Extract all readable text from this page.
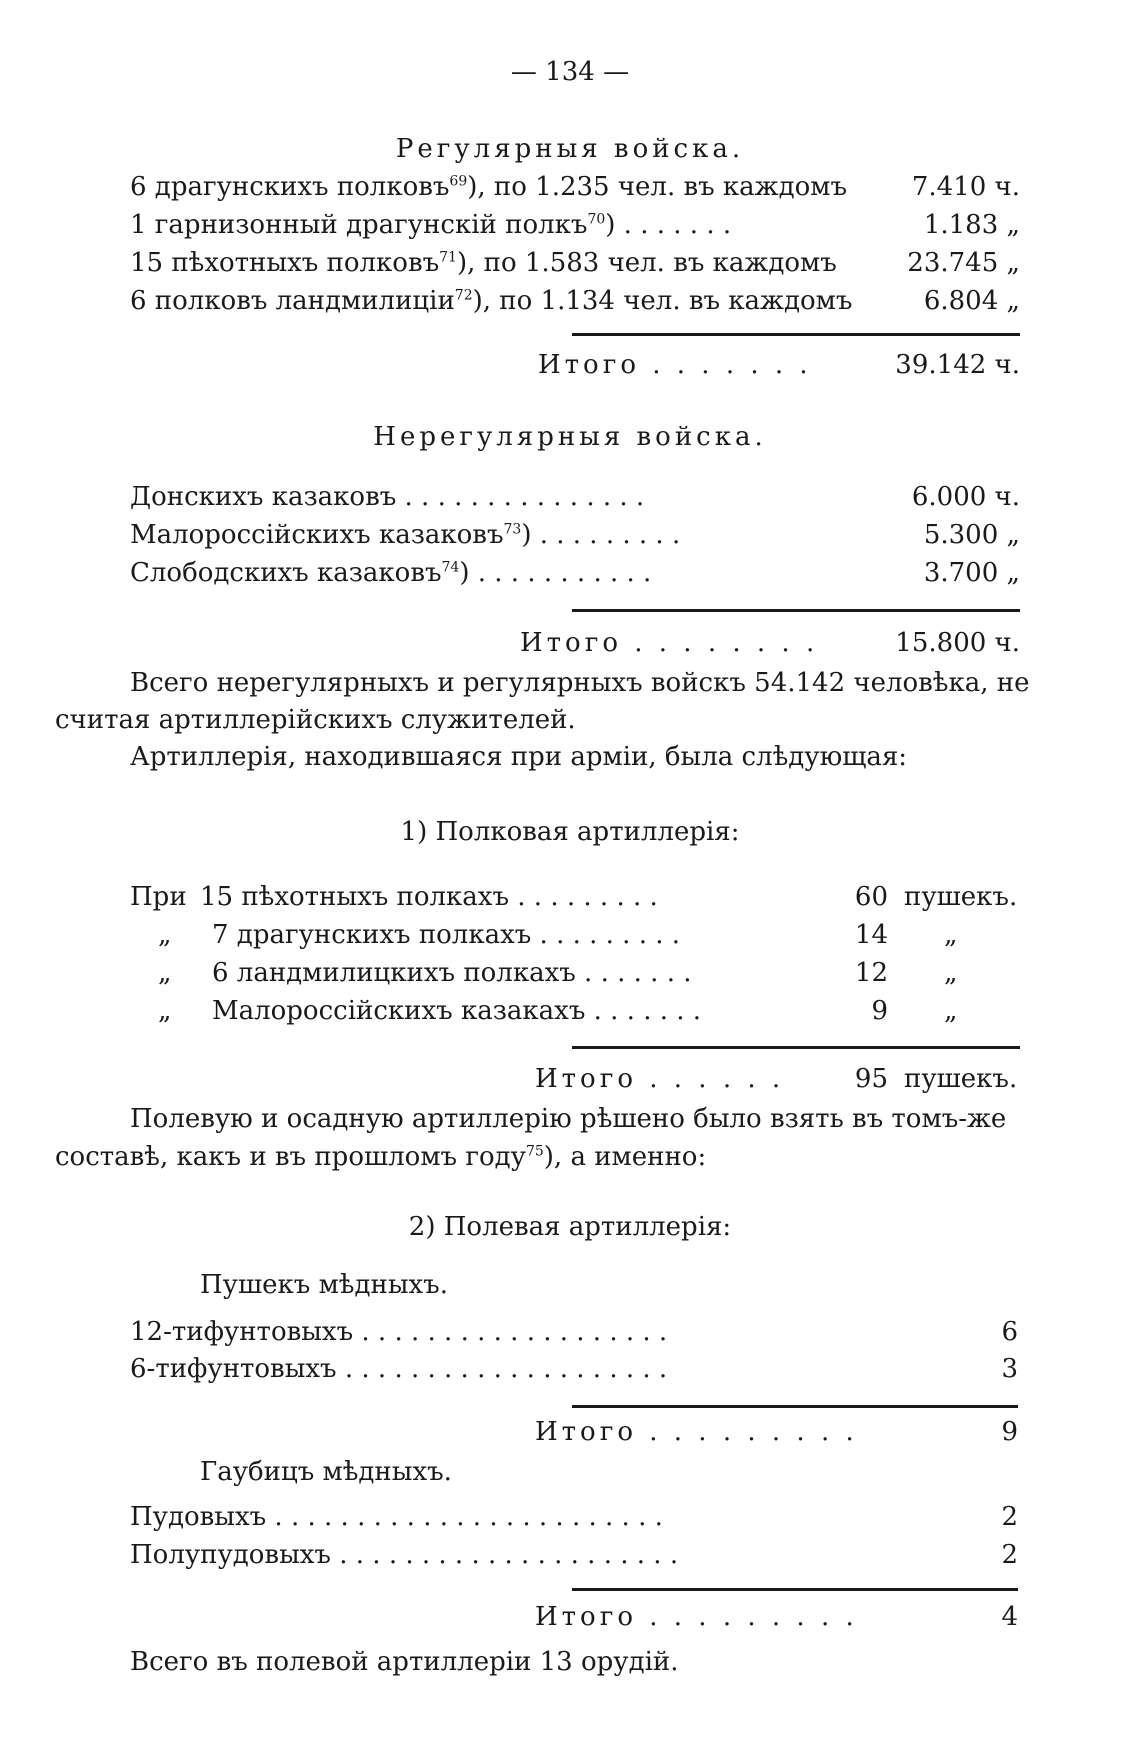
— 134 —
Регулярныя войска.
6 драгунскихъ полковъ$^{69}$), по 1.235 чел. въ каждомъ 7.410 ч.
1 гарнизонный драгунскій полкъ$^{70}$) . . . . . . .	1.183 „
15 пѣхотныхъ полковъ$^{71}$), по 1.583 чел. въ каждомъ	23.745 „
6 полковъ ландмилиціи$^{72}$), по 1.134 чел. въ каждомъ	6.804 „
Итого . . . . . . .	39.142 ч.
Нерегулярныя войска.
Донскихъ казаковъ . . . . . . . . . . . . . . .	6.000 ч.
Малороссійскихъ казаковъ$^{73}$) . . . . . . . . .	5.300 „
Слободскихъ казаковъ$^{74}$) . . . . . . . . . . .	3.700 „
Итого . . . . . . . .	15.800 ч.
Всего нерегулярныхъ и регулярныхъ войскъ 54.142 человѣка, не
считая артиллерійскихъ служителей.
Артиллерія, находившаяся при арміи, была слѣдующая:
1) Полковая артиллерія:
При 15 пѣхотныхъ полкахъ . . . . . . . . .	60 пушекъ.
„ 7 драгунскихъ полкахъ . . . . . . . . .	14 „
„ 6 ландмилицкихъ полкахъ . . . . . . .	12 „
„ Малороссійскихъ казакахъ . . . . . . .	9 „
Итого . . . . . .	95 пушекъ.
Полевую и осадную артиллерію рѣшено было взять въ томъ-же
составѣ, какъ и въ прошломъ году$^{75}$), а именно:
2) Полевая артиллерія:
Пушекъ мѣдныхъ.
12-тифунтовыхъ . . . . . . . . . . . . . . . . . . .	6
6-тифунтовыхъ . . . . . . . . . . . . . . . . . . . .	3
Итого . . . . . . . . .	9
Гаубицъ мѣдныхъ.
Пудовыхъ . . . . . . . . . . . . . . . . . . . . . . . .	2
Полупудовыхъ . . . . . . . . . . . . . . . . . . . . .	2
Итого . . . . . . . . .	4
Всего въ полевой артиллеріи 13 орудій.
